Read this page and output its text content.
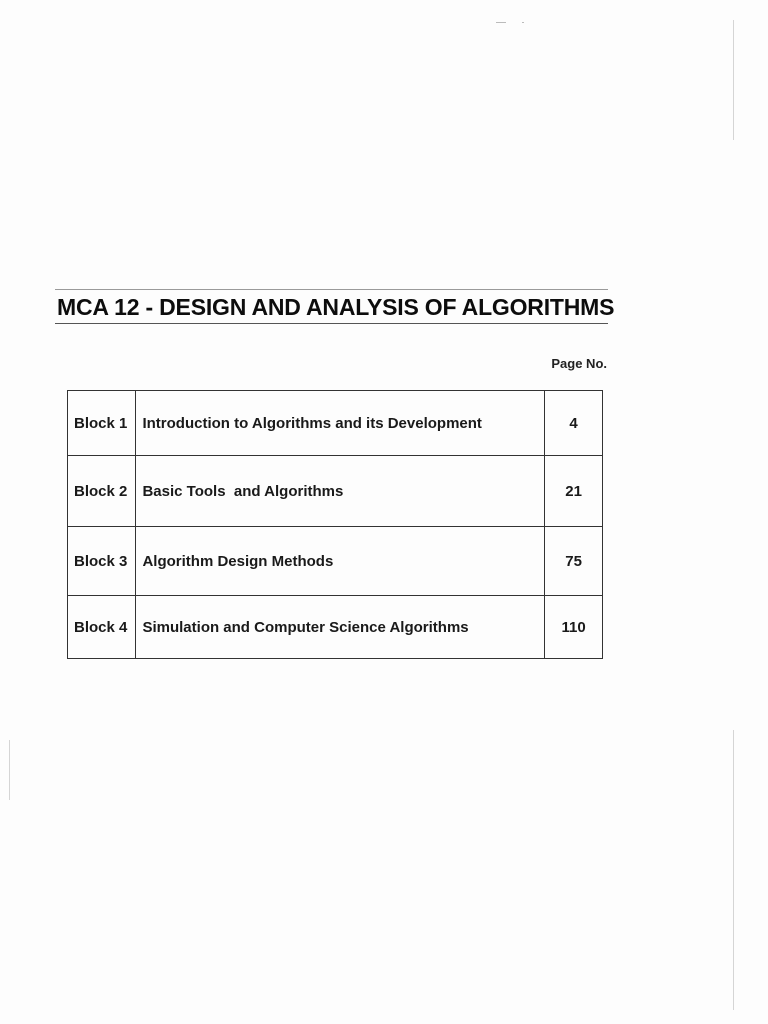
MCA 12 - DESIGN AND ANALYSIS OF ALGORITHMS
Page No.
Block 1	Introduction to Algorithms and its Development	4
Block 2	Basic Tools  and Algorithms	21
Block 3	Algorithm Design Methods	75
Block 4	Simulation and Computer Science Algorithms	110
